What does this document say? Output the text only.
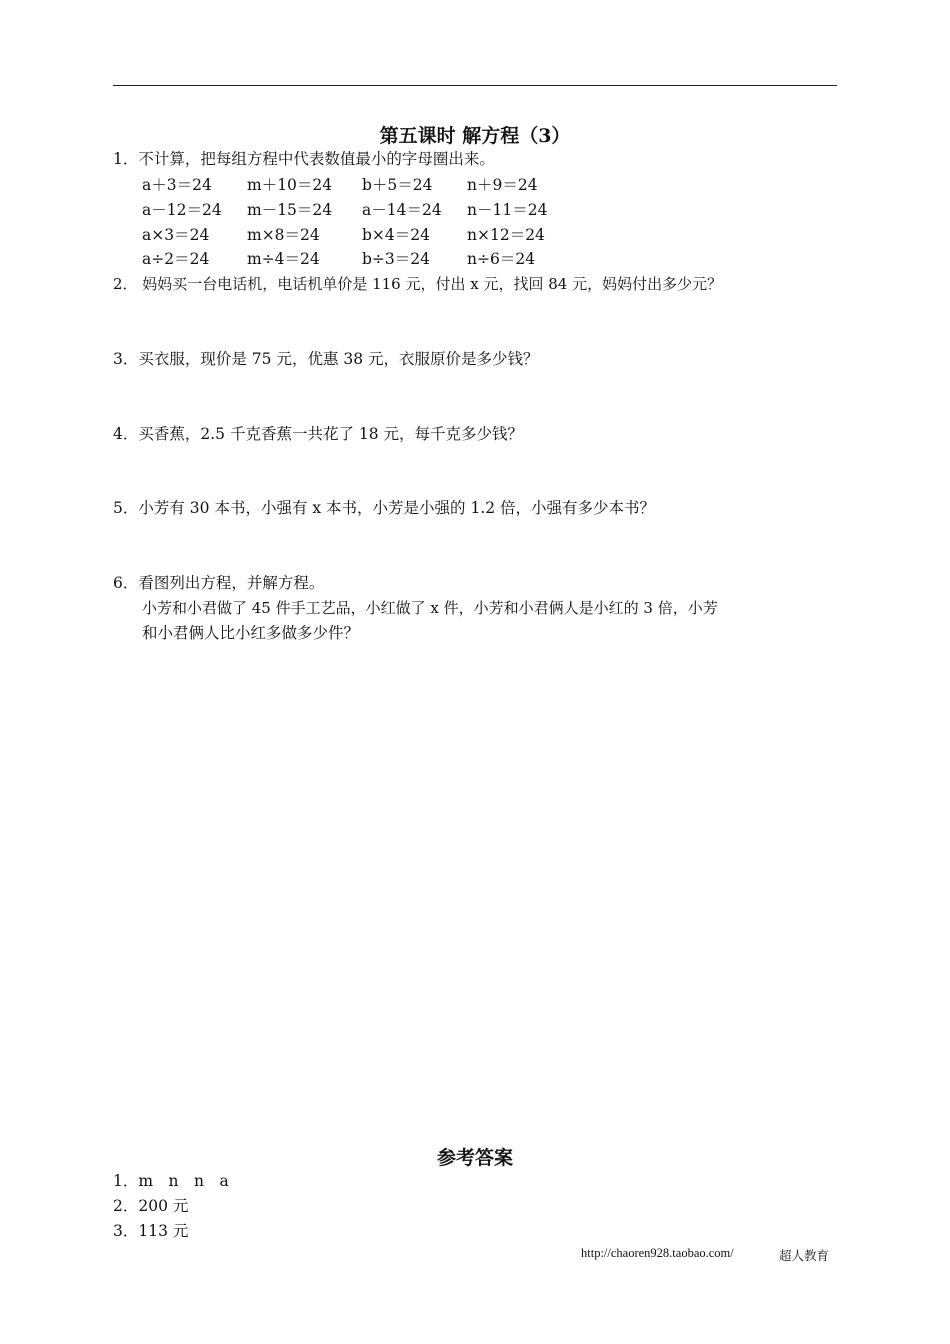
第五课时 解方程（3）
1．不计算，把每组方程中代表数值最小的字母圈出来。
a＋3＝24 m＋10＝24 b＋5＝24 n＋9＝24
a－12＝24 m－15＝24 a－14＝24 n－11＝24
a×3＝24 m×8＝24	b×4＝24 n×12＝24
a÷2＝24 m÷4＝24	b÷3＝24 n÷6＝24
2． 妈妈买一台电话机，电话机单价是 116 元，付出 x 元，找回 84 元，妈妈付出多少元？
3．买衣服，现价是 75 元，优惠 38 元，衣服原价是多少钱？
4．买香蕉，2.5 千克香蕉一共花了 18 元，每千克多少钱？
5．小芳有 30 本书，小强有 x 本书，小芳是小强的 1.2 倍，小强有多少本书？
6．看图列出方程，并解方程。
小芳和小君做了 45 件手工艺品，小红做了 x 件，小芳和小君俩人是小红的 3 倍，小芳
和小君俩人比小红多做多少件？
参考答案
1．m　n　n　a
2．200 元
3．113 元
http://chaoren928.taobao.com/	超人教育
